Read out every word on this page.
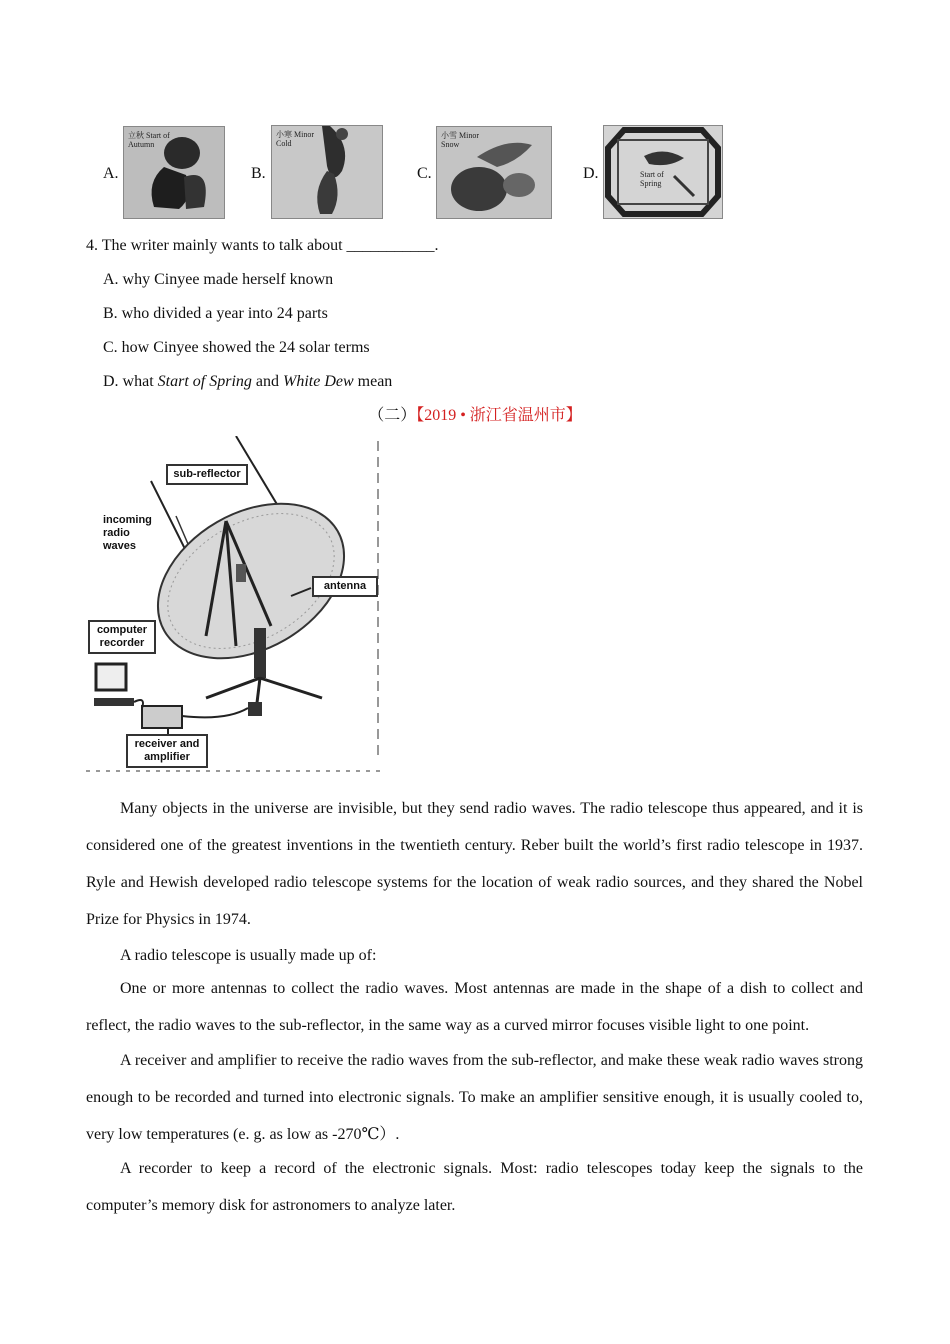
A.
立秋 Start of Autumn
B.
小寒 Minor Cold
C.
小雪 Minor Snow
D.	Start of Spring
4. The writer mainly wants to talk about ___________.
A. why Cinyee made herself known
B. who divided a year into 24 parts
C. how Cinyee showed the 24 solar terms
D. what Start of Spring and White Dew mean
（二）【2019 • 浙江省温州市】
sub-reflector
incoming radio waves
antenna
computer recorder
receiver and amplifier
Many objects in the universe are invisible, but they send radio waves. The radio telescope thus appeared, and it is considered one of the greatest inventions in the twentieth century. Reber built the world’s first radio telescope in 1937. Ryle and Hewish developed radio telescope systems for the location of weak radio sources, and they shared the Nobel Prize for Physics in 1974.
A radio telescope is usually made up of:
One or more antennas to collect the radio waves. Most antennas are made in the shape of a dish to collect and reflect, the radio waves to the sub-reflector, in the same way as a curved mirror focuses visible light to one point.
A receiver and amplifier to receive the radio waves from the sub-reflector, and make these weak radio waves strong enough to be recorded and turned into electronic signals. To make an amplifier sensitive enough, it is usually cooled to, very low temperatures (e. g. as low as -270℃）.
A recorder to keep a record of the electronic signals. Most: radio telescopes today keep the signals to the computer’s memory disk for astronomers to analyze later.
